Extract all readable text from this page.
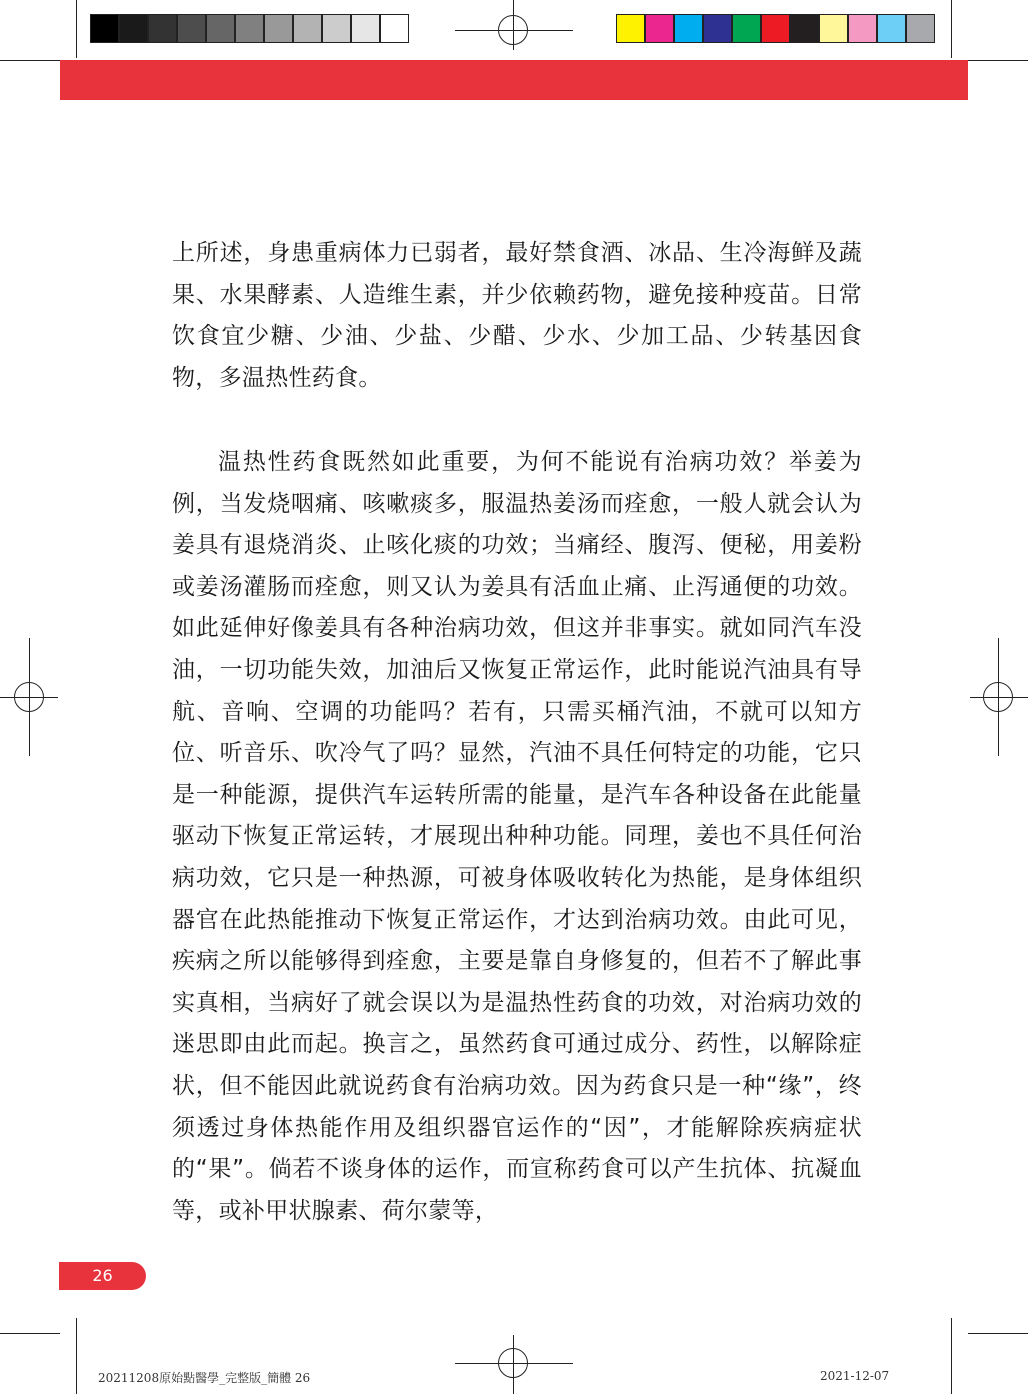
上所述，身患重病体力已弱者，最好禁食酒、冰品、生冷海鲜及蔬果、水果酵素、人造维生素，并少依赖药物，避免接种疫苗。日常饮食宜少糖、少油、少盐、少醋、少水、少加工品、少转基因食物，多温热性药食。
温热性药食既然如此重要，为何不能说有治病功效？举姜为例，当发烧咽痛、咳嗽痰多，服温热姜汤而痊愈，一般人就会认为姜具有退烧消炎、止咳化痰的功效；当痛经、腹泻、便秘，用姜粉或姜汤灌肠而痊愈，则又认为姜具有活血止痛、止泻通便的功效。如此延伸好像姜具有各种治病功效，但这并非事实。就如同汽车没油，一切功能失效，加油后又恢复正常运作，此时能说汽油具有导航、音响、空调的功能吗？若有，只需买桶汽油，不就可以知方位、听音乐、吹冷气了吗？显然，汽油不具任何特定的功能，它只是一种能源，提供汽车运转所需的能量，是汽车各种设备在此能量驱动下恢复正常运转，才展现出种种功能。同理，姜也不具任何治病功效，它只是一种热源，可被身体吸收转化为热能，是身体组织器官在此热能推动下恢复正常运作，才达到治病功效。由此可见，疾病之所以能够得到痊愈，主要是靠自身修复的，但若不了解此事实真相，当病好了就会误以为是温热性药食的功效，对治病功效的迷思即由此而起。换言之，虽然药食可通过成分、药性，以解除症状，但不能因此就说药食有治病功效。因为药食只是一种“缘”，终须透过身体热能作用及组织器官运作的“因”，才能解除疾病症状的“果”。倘若不谈身体的运作，而宣称药食可以产生抗体、抗凝血等，或补甲状腺素、荷尔蒙等，
26
20211208原始點醫學_完整版_簡體 26	2021-12-07
